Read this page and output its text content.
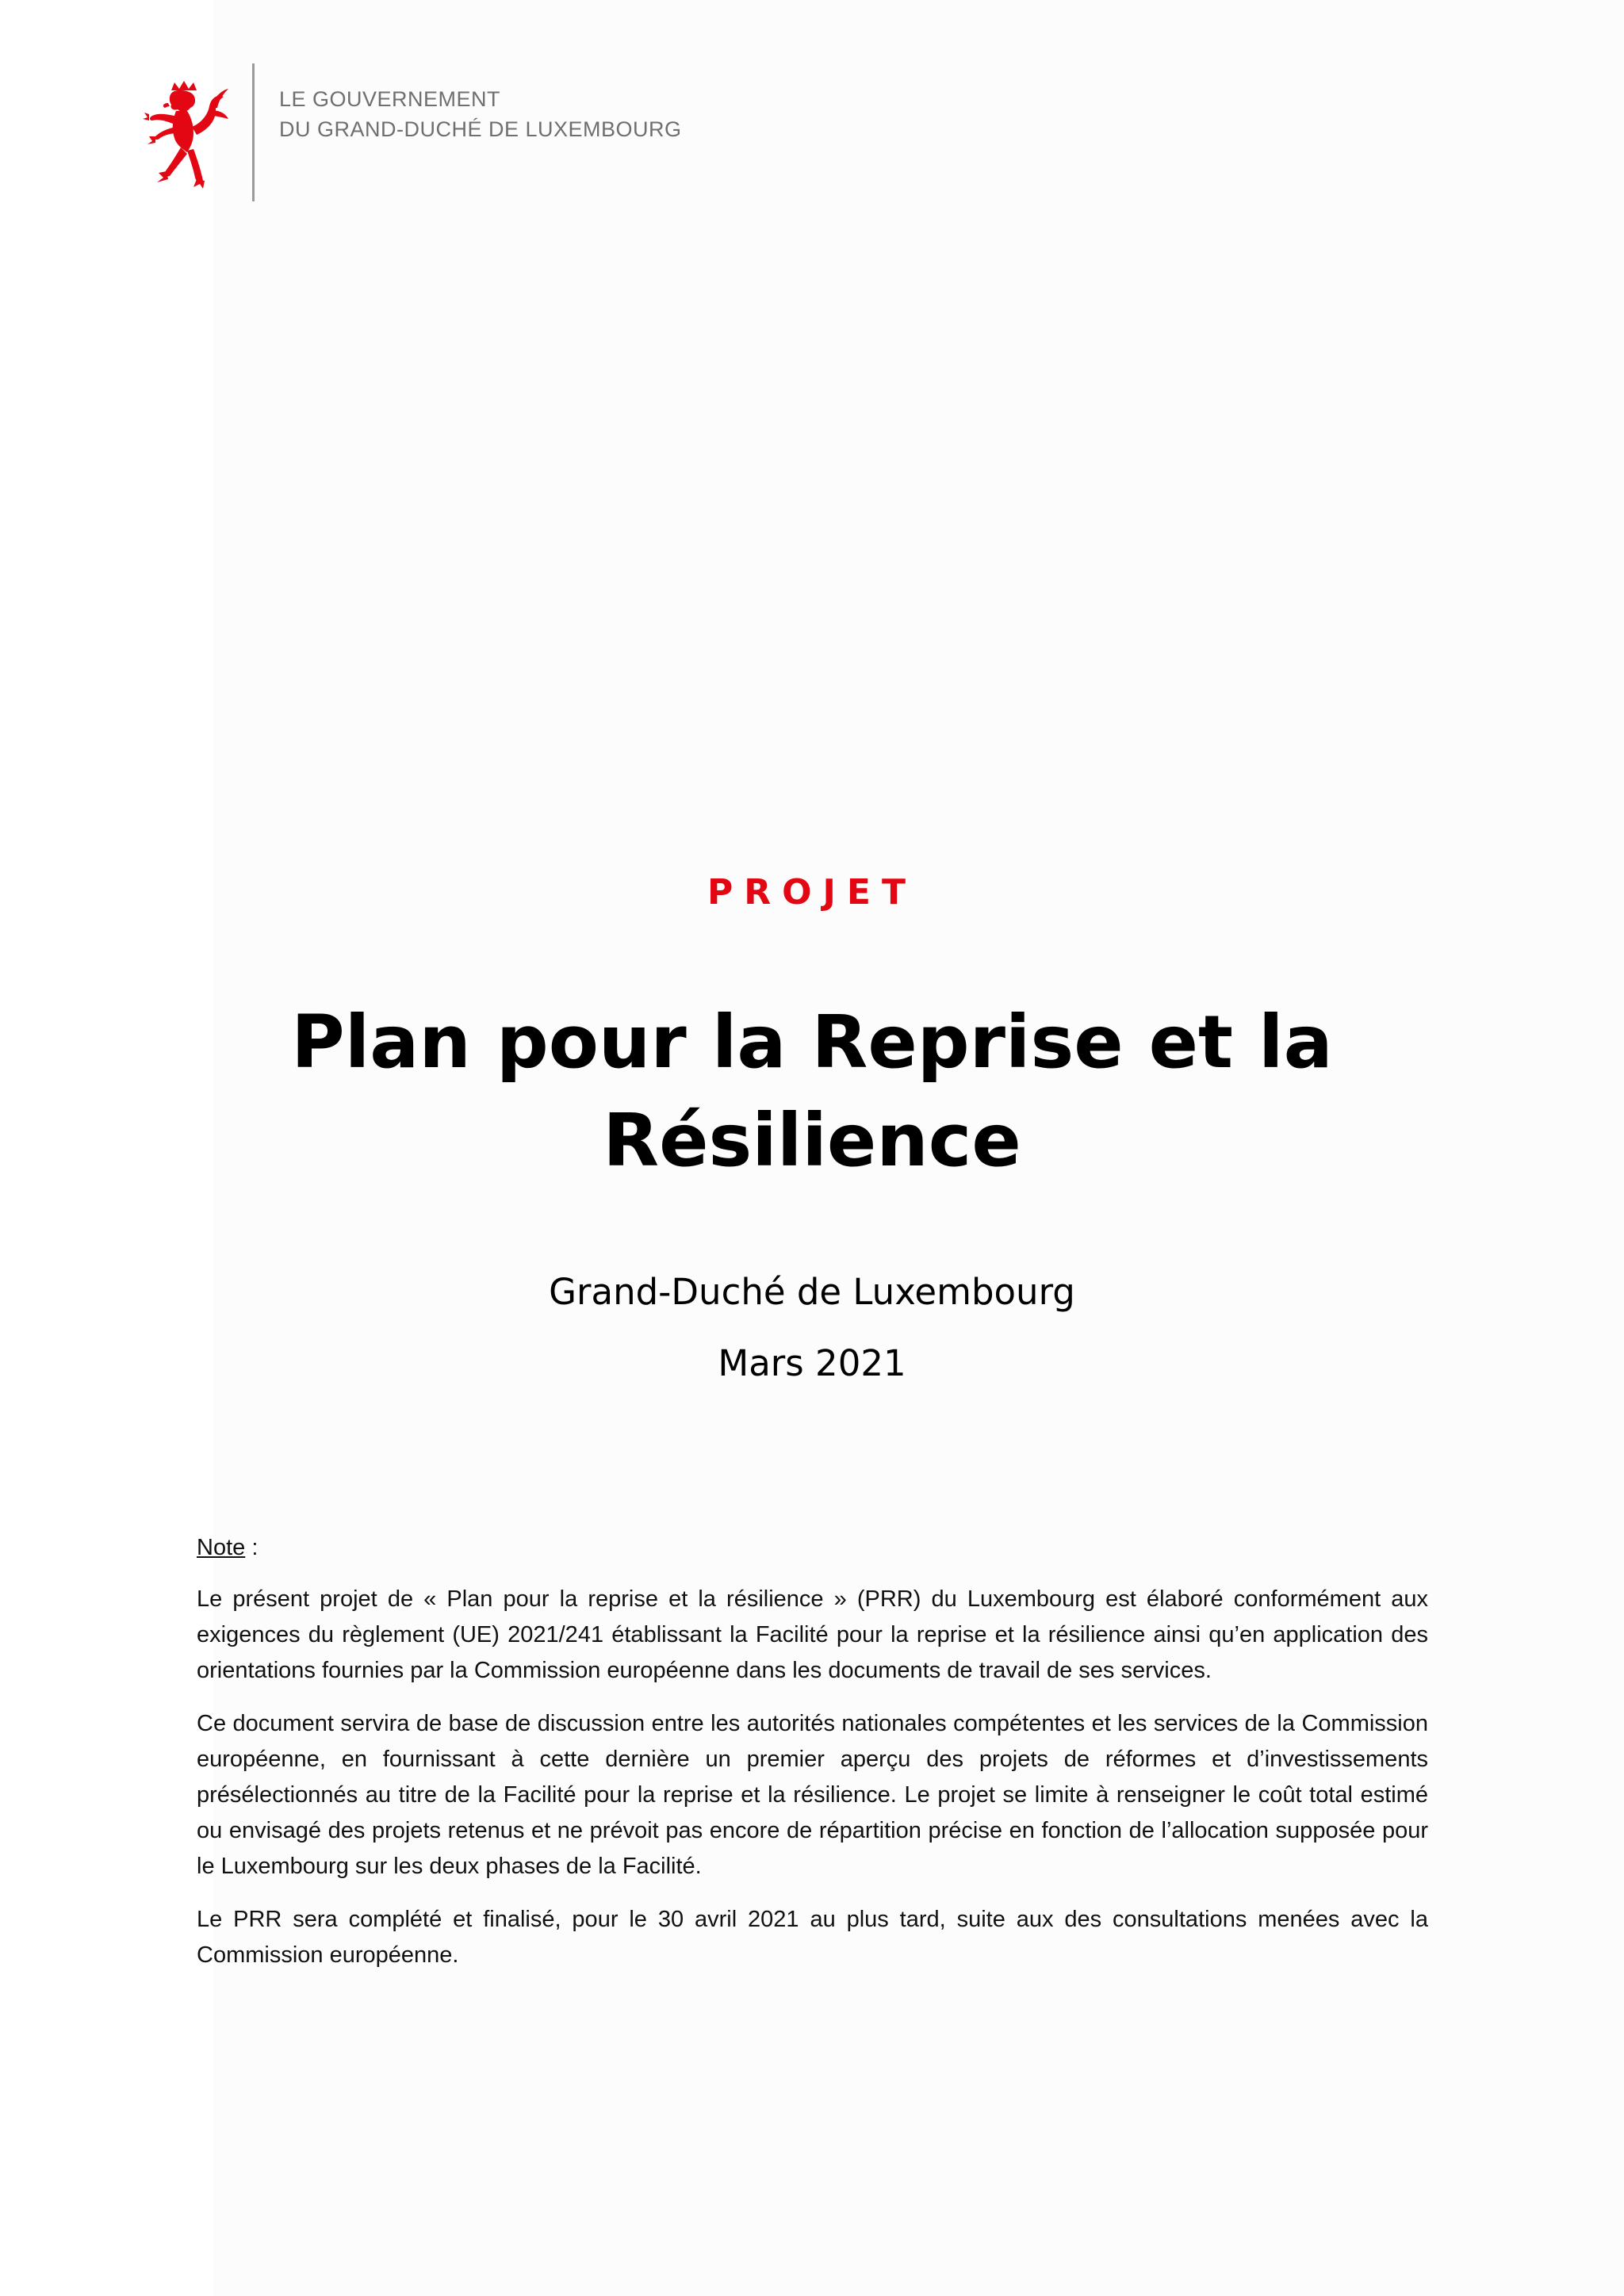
LE GOUVERNEMENT
DU GRAND-DUCHÉ DE LUXEMBOURG
PROJET
Plan pour la Reprise et la Résilience
Grand-Duché de Luxembourg
Mars 2021
Note :

Le présent projet de « Plan pour la reprise et la résilience » (PRR) du Luxembourg est élaboré conformément aux exigences du règlement (UE) 2021/241 établissant la Facilité pour la reprise et la résilience ainsi qu’en application des orientations fournies par la Commission européenne dans les documents de travail de ses services.

Ce document servira de base de discussion entre les autorités nationales compétentes et les services de la Commission européenne, en fournissant à cette dernière un premier aperçu des projets de réformes et d’investissements présélectionnés au titre de la Facilité pour la reprise et la résilience. Le projet se limite à renseigner le coût total estimé ou envisagé des projets retenus et ne prévoit pas encore de répartition précise en fonction de l’allocation supposée pour le Luxembourg sur les deux phases de la Facilité.

Le PRR sera complété et finalisé, pour le 30 avril 2021 au plus tard, suite aux des consultations menées avec la Commission européenne.
